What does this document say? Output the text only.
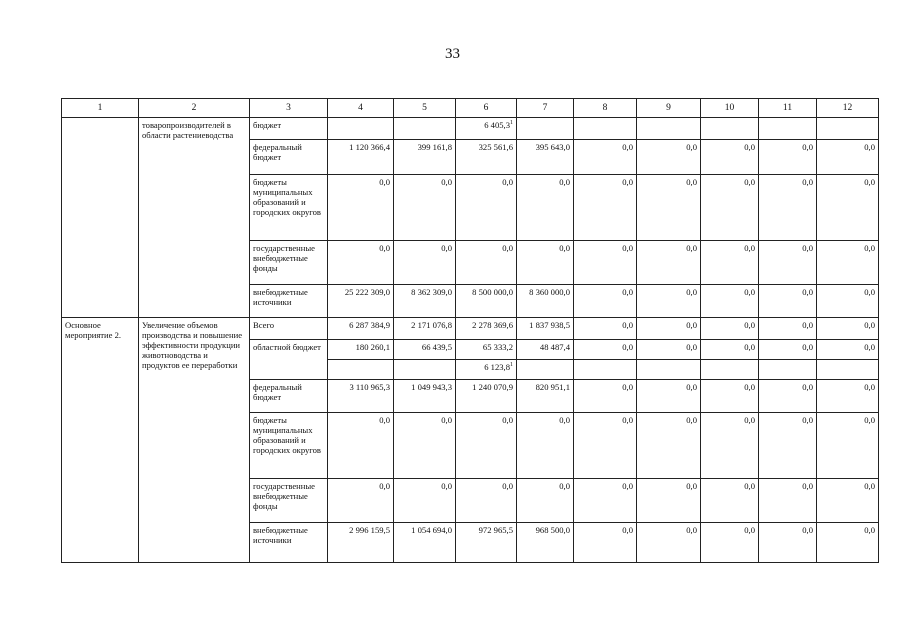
33
1	2	3	4	5	6	7	8	9	10	11	12
	товаропроизводителей в области растениеводства	бюджет			6 405,3$^1$						
		федеральный бюджет	1 120 366,4	399 161,8	325 561,6	395 643,0	0,0	0,0	0,0	0,0	0,0
		бюджеты муниципальных образований и городских округов	0,0	0,0	0,0	0,0	0,0	0,0	0,0	0,0	0,0
		государственные внебюджетные фонды	0,0	0,0	0,0	0,0	0,0	0,0	0,0	0,0	0,0
		внебюджетные источники	25 222 309,0	8 362 309,0	8 500 000,0	8 360 000,0	0,0	0,0	0,0	0,0	0,0
Основное мероприятие 2.	Увеличение объемов производства и повышение эффективности продукции животноводства и продуктов ее переработки	Всего	6 287 384,9	2 171 076,8	2 278 369,6	1 837 938,5	0,0	0,0	0,0	0,0	0,0
		областной бюджет	180 260,1	66 439,5	65 333,2	48 487,4	0,0	0,0	0,0	0,0	0,0
					6 123,8$^1$						
		федеральный бюджет	3 110 965,3	1 049 943,3	1 240 070,9	820 951,1	0,0	0,0	0,0	0,0	0,0
		бюджеты муниципальных образований и городских округов	0,0	0,0	0,0	0,0	0,0	0,0	0,0	0,0	0,0
		государственные внебюджетные фонды	0,0	0,0	0,0	0,0	0,0	0,0	0,0	0,0	0,0
		внебюджетные источники	2 996 159,5	1 054 694,0	972 965,5	968 500,0	0,0	0,0	0,0	0,0	0,0
